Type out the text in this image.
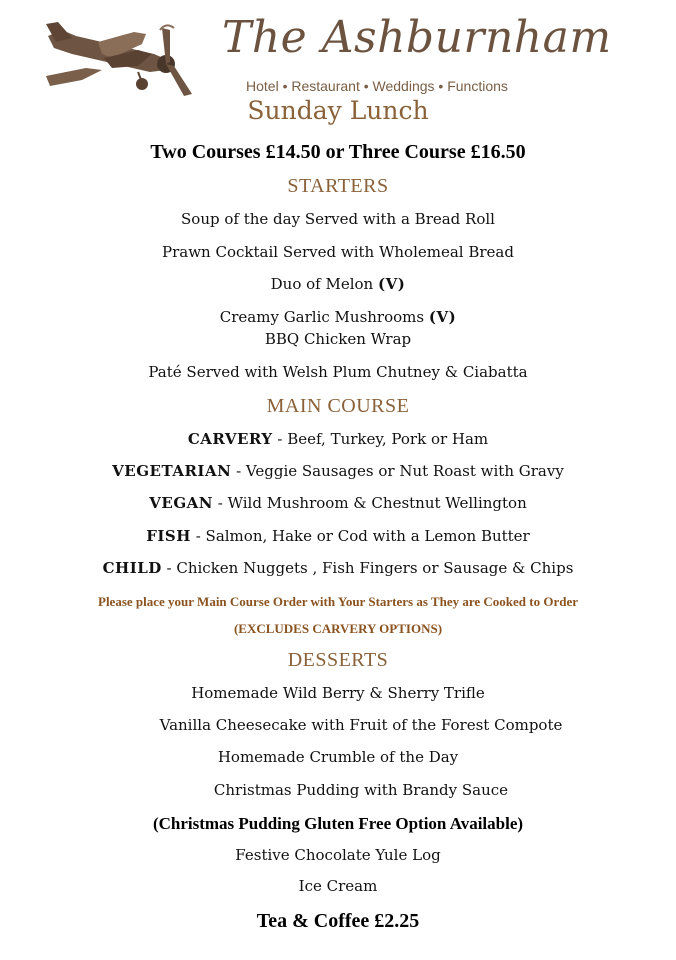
The Ashburnham
Hotel • Restaurant • Weddings • Functions
Sunday Lunch
Two Courses £14.50 or Three Course £16.50
STARTERS
Soup of the day Served with a Bread Roll
Prawn Cocktail Served with Wholemeal Bread
Duo of Melon (V)
Creamy Garlic Mushrooms (V)
BBQ Chicken Wrap
Paté Served with Welsh Plum Chutney & Ciabatta
MAIN COURSE
CARVERY - Beef, Turkey, Pork or Ham
VEGETARIAN - Veggie Sausages or Nut Roast with Gravy
VEGAN - Wild Mushroom & Chestnut Wellington
FISH - Salmon, Hake or Cod with a Lemon Butter
CHILD - Chicken Nuggets , Fish Fingers or Sausage & Chips
Please place your Main Course Order with Your Starters as They are Cooked to Order
(EXCLUDES CARVERY OPTIONS)
DESSERTS
Homemade Wild Berry & Sherry Trifle
Vanilla Cheesecake with Fruit of the Forest Compote
Homemade Crumble of the Day
Christmas Pudding with Brandy Sauce
(Christmas Pudding Gluten Free Option Available)
Festive Chocolate Yule Log
Ice Cream
Tea & Coffee £2.25
